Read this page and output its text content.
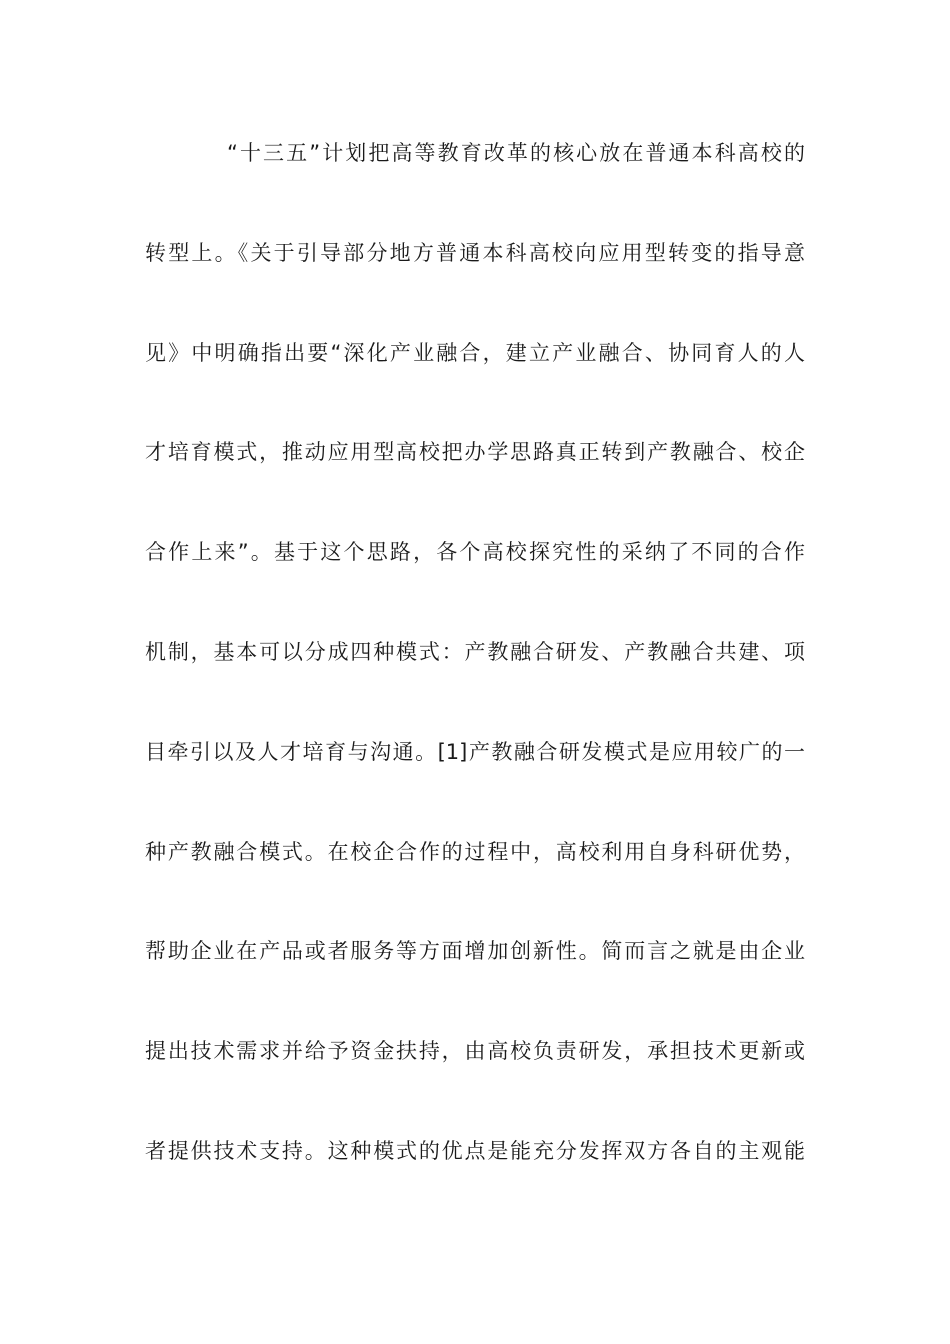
“十三五”计划把高等教育改革的核心放在普通本科高校的
转型上。《关于引导部分地方普通本科高校向应用型转变的指导意
见》中明确指出要“深化产业融合，建立产业融合、协同育人的人
才培育模式，推动应用型高校把办学思路真正转到产教融合、校企
合作上来”。基于这个思路，各个高校探究性的采纳了不同的合作
机制，基本可以分成四种模式：产教融合研发、产教融合共建、项
目牵引以及人才培育与沟通。[1]产教融合研发模式是应用较广的一
种产教融合模式。在校企合作的过程中，高校利用自身科研优势，
帮助企业在产品或者服务等方面增加创新性。简而言之就是由企业
提出技术需求并给予资金扶持，由高校负责研发，承担技术更新或
者提供技术支持。这种模式的优点是能充分发挥双方各自的主观能
